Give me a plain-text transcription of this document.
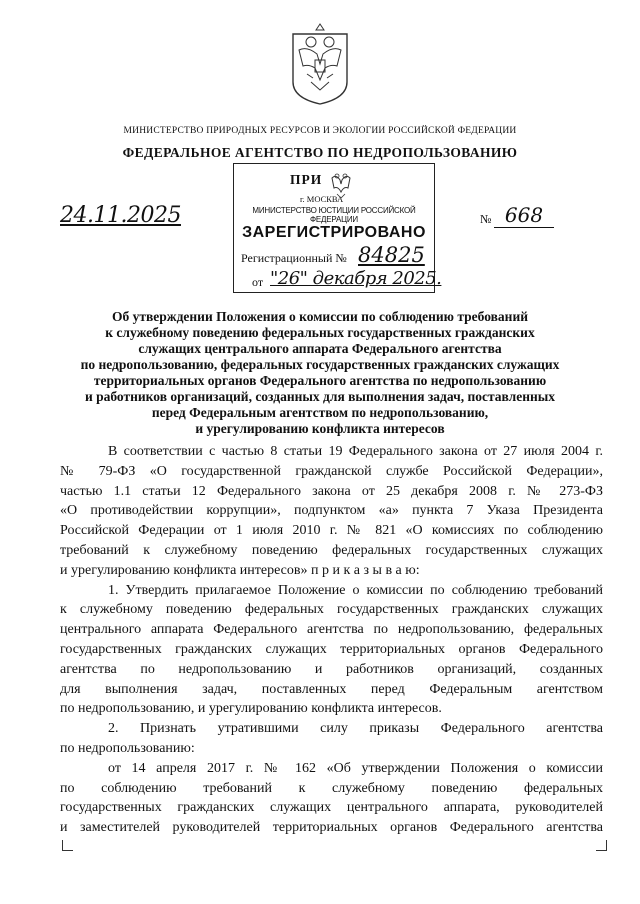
МИНИСТЕРСТВО ПРИРОДНЫХ РЕСУРСОВ И ЭКОЛОГИИ РОССИЙСКОЙ ФЕДЕРАЦИИ
ФЕДЕРАЛЬНОЕ АГЕНТСТВО ПО НЕДРОПОЛЬЗОВАНИЮ
ПРИ
г. МОСКВА
МИНИСТЕРСТВО ЮСТИЦИИ РОССИЙСКОЙ ФЕДЕРАЦИИ
ЗАРЕГИСТРИРОВАНО
Регистрационный № 84825
от "26" декабря 2025.
24.11.2025	№ 668
Об утверждении Положения о комиссии по соблюдению требований
к служебному поведению федеральных государственных гражданских
служащих центрального аппарата Федерального агентства
по недропользованию, федеральных государственных гражданских служащих
территориальных органов Федерального агентства по недропользованию
и работников организаций, созданных для выполнения задач, поставленных
перед Федеральным агентством по недропользованию,
и урегулированию конфликта интересов
В соответствии с частью 8 статьи 19 Федерального закона от 27 июля 2004 г.
№ 79-ФЗ «О государственной гражданской службе Российской Федерации»,
частью 1.1 статьи 12 Федерального закона от 25 декабря 2008 г. № 273-ФЗ
«О противодействии коррупции», подпунктом «а» пункта 7 Указа Президента
Российской Федерации от 1 июля 2010 г. № 821 «О комиссиях по соблюдению
требований к служебному поведению федеральных государственных служащих
и урегулированию конфликта интересов» п р и к а з ы в а ю:
1. Утвердить прилагаемое Положение о комиссии по соблюдению требований
к служебному поведению федеральных государственных гражданских служащих
центрального аппарата Федерального агентства по недропользованию, федеральных
государственных гражданских служащих территориальных органов Федерального
агентства по недропользованию и работников организаций, созданных
для выполнения задач, поставленных перед Федеральным агентством
по недропользованию, и урегулированию конфликта интересов.
2. Признать утратившими силу приказы Федерального агентства
по недропользованию:
от 14 апреля 2017 г. № 162 «Об утверждении Положения о комиссии
по соблюдению требований к служебному поведению федеральных
государственных гражданских служащих центрального аппарата, руководителей
и заместителей руководителей территориальных органов Федерального агентства
